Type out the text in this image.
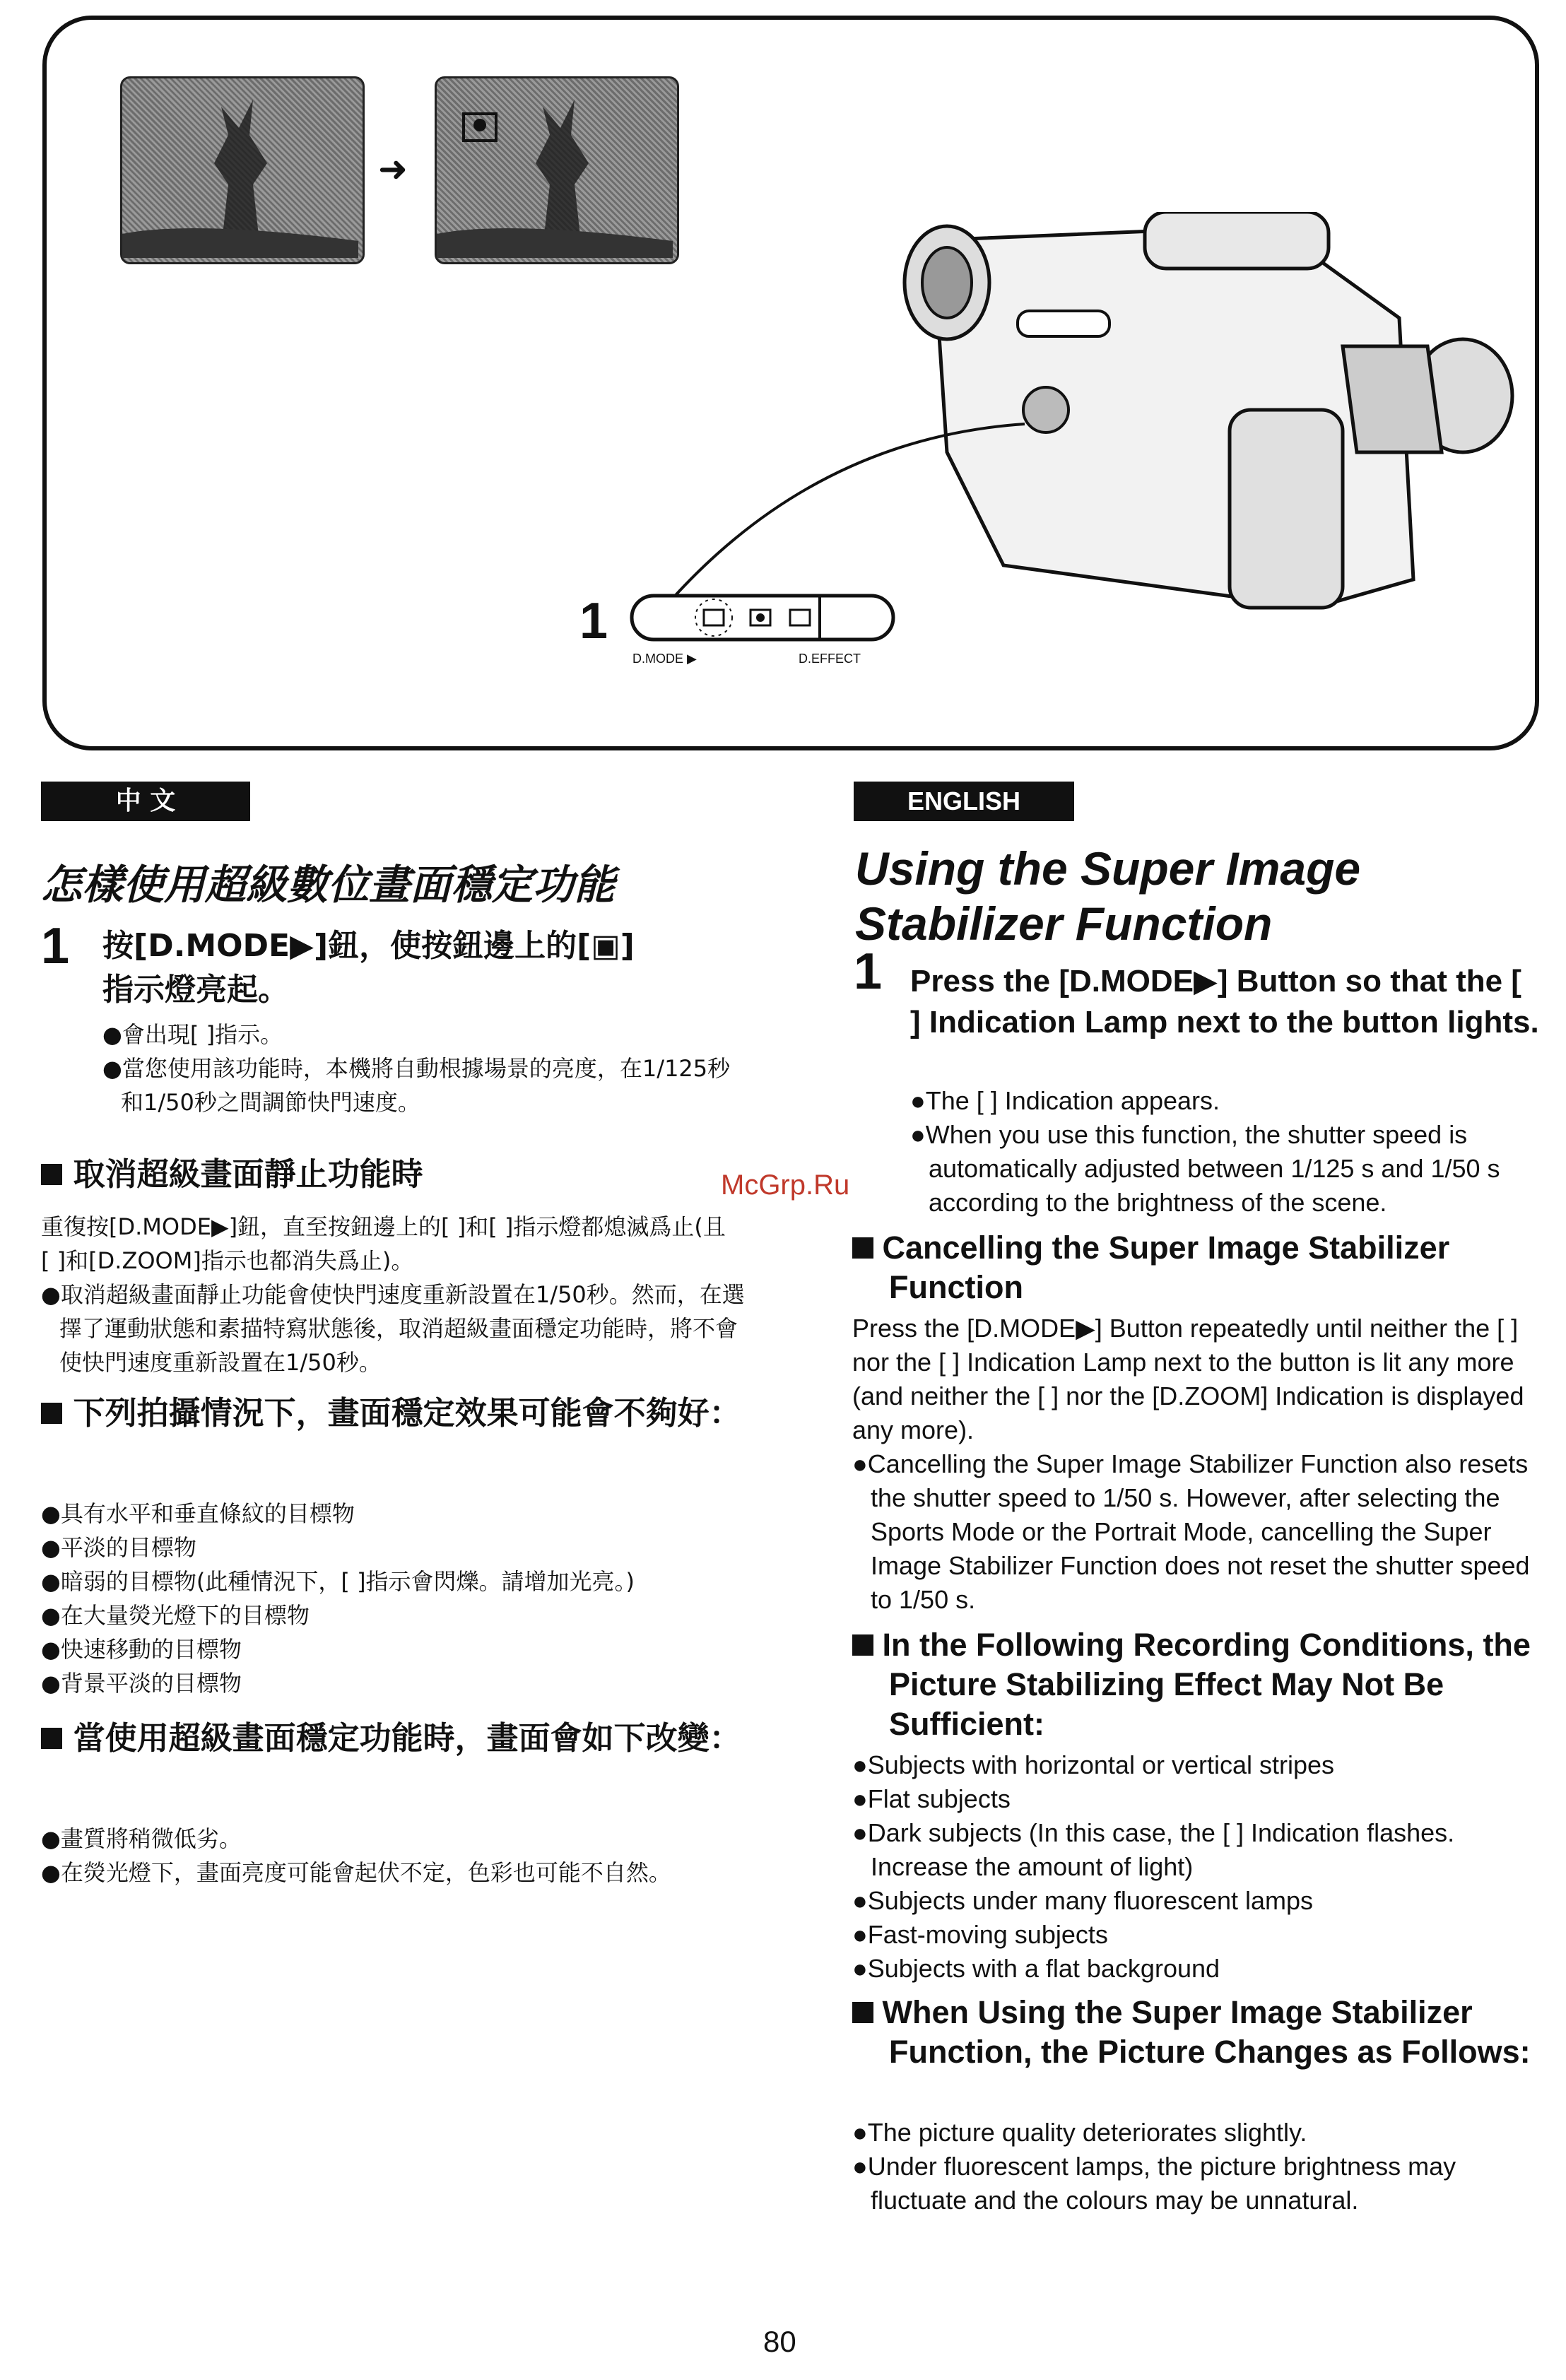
➜
1
D.MODE ▶	D.EFFECT
中 文
怎樣使用超級數位畫面穩定功能
1 按[D.MODE▶]鈕，使按鈕邊上的[▣]
指示燈亮起。
●會出現[ ]指示。
●當您使用該功能時，本機將自動根據場景的亮度，在1/125秒和1/50秒之間調節快門速度。
取消超級畫面靜止功能時
重復按[D.MODE▶]鈕，直至按鈕邊上的[ ]和[ ]指示燈都熄滅爲止(且[ ]和[D.ZOOM]指示也都消失爲止)。
●取消超級畫面靜止功能會使快門速度重新設置在1/50秒。然而，在選擇了運動狀態和素描特寫狀態後，取消超級畫面穩定功能時，將不會使快門速度重新設置在1/50秒。
下列拍攝情況下，畫面穩定效果可能會不夠好：
●具有水平和垂直條紋的目標物
●平淡的目標物
●暗弱的目標物(此種情況下，[ ]指示會閃爍。請增加光亮。)
●在大量熒光燈下的目標物
●快速移動的目標物
●背景平淡的目標物
當使用超級畫面穩定功能時，畫面會如下改變：
●畫質將稍微低劣。
●在熒光燈下，畫面亮度可能會起伏不定，色彩也可能不自然。
McGrp.Ru
ENGLISH
Using the Super Image
Stabilizer Function
1 Press the [D.MODE▶] Button so that the [ ] Indication Lamp next to the button lights.
●The [ ] Indication appears.
●When you use this function, the shutter speed is automatically adjusted between 1/125 s and 1/50 s according to the brightness of the scene.
Cancelling the Super Image Stabilizer Function
Press the [D.MODE▶] Button repeatedly until neither the [ ] nor the [ ] Indication Lamp next to the button is lit any more (and neither the [ ] nor the [D.ZOOM] Indication is displayed any more).
●Cancelling the Super Image Stabilizer Function also resets the shutter speed to 1/50 s. However, after selecting the Sports Mode or the Portrait Mode, cancelling the Super Image Stabilizer Function does not reset the shutter speed to 1/50 s.
In the Following Recording Conditions, the Picture Stabilizing Effect May Not Be Sufficient:
●Subjects with horizontal or vertical stripes
●Flat subjects
●Dark subjects (In this case, the [ ] Indication flashes. Increase the amount of light)
●Subjects under many fluorescent lamps
●Fast-moving subjects
●Subjects with a flat background
When Using the Super Image Stabilizer Function, the Picture Changes as Follows:
●The picture quality deteriorates slightly.
●Under fluorescent lamps, the picture brightness may fluctuate and the colours may be unnatural.
80
